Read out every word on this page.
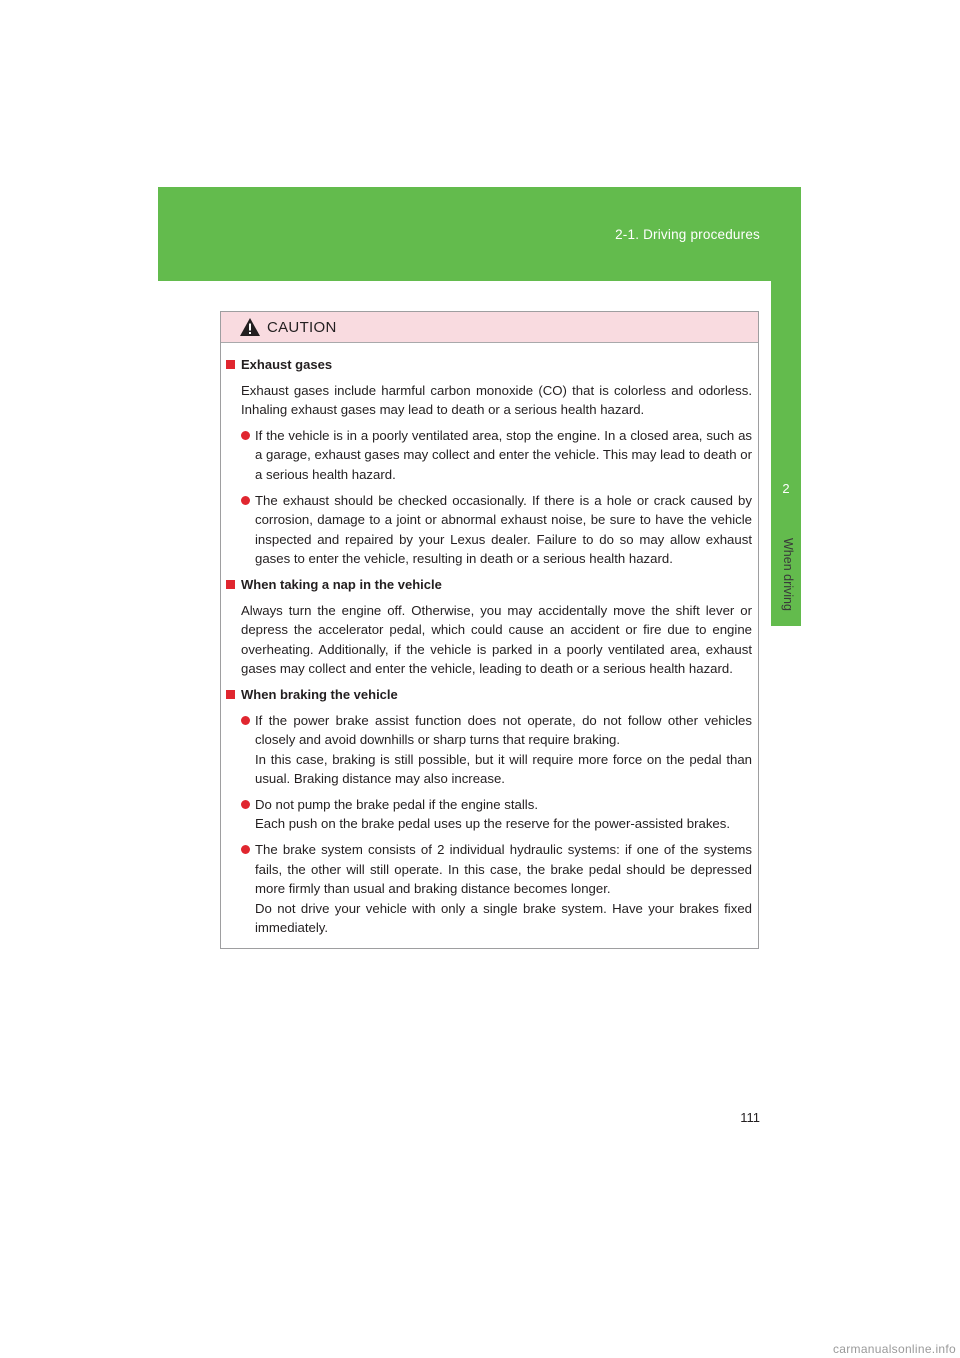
2-1. Driving procedures
2
When driving
CAUTION
Exhaust gases
Exhaust gases include harmful carbon monoxide (CO) that is colorless and odorless. Inhaling exhaust gases may lead to death or a serious health hazard.
If the vehicle is in a poorly ventilated area, stop the engine. In a closed area, such as a garage, exhaust gases may collect and enter the vehicle. This may lead to death or a serious health hazard.
The exhaust should be checked occasionally. If there is a hole or crack caused by corrosion, damage to a joint or abnormal exhaust noise, be sure to have the vehicle inspected and repaired by your Lexus dealer. Failure to do so may allow exhaust gases to enter the vehicle, resulting in death or a serious health hazard.
When taking a nap in the vehicle
Always turn the engine off. Otherwise, you may accidentally move the shift lever or depress the accelerator pedal, which could cause an accident or fire due to engine overheating. Additionally, if the vehicle is parked in a poorly ventilated area, exhaust gases may collect and enter the vehicle, leading to death or a serious health hazard.
When braking the vehicle
If the power brake assist function does not operate, do not follow other vehicles closely and avoid downhills or sharp turns that require braking.
In this case, braking is still possible, but it will require more force on the pedal than usual. Braking distance may also increase.
Do not pump the brake pedal if the engine stalls.
Each push on the brake pedal uses up the reserve for the power-assisted brakes.
The brake system consists of 2 individual hydraulic systems: if one of the systems fails, the other will still operate. In this case, the brake pedal should be depressed more firmly than usual and braking distance becomes longer.
Do not drive your vehicle with only a single brake system. Have your brakes fixed immediately.
111
carmanualsonline.info
